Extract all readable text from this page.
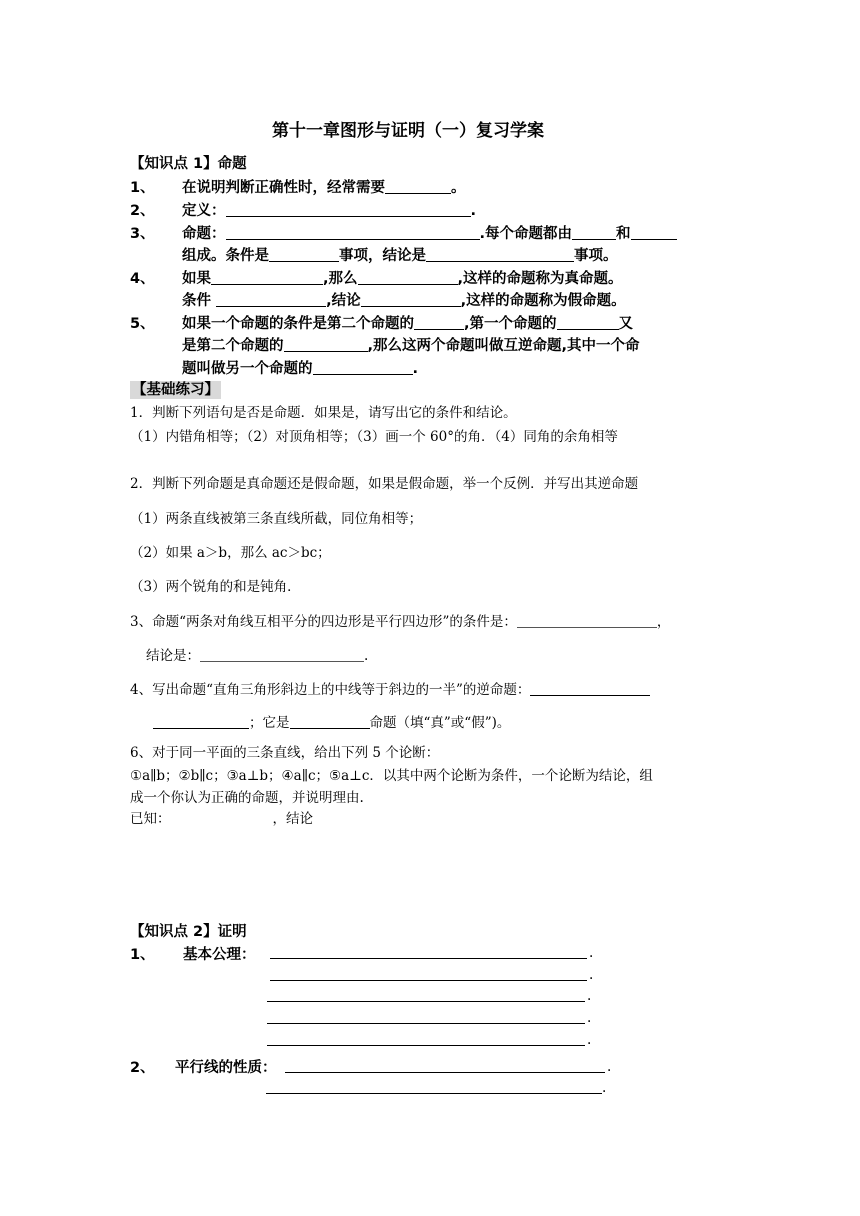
第十一章图形与证明（一）复习学案
【知识点 1】命题
1、 在说明判断正确性时，经常需要	。
2、 定义：	.
3、 命题：	.每个命题都由	和
组成。条件是	事项，结论是	事项。
4、 如果	,那么	,这样的命题称为真命题。
条件	,结论	,这样的命题称为假命题。
5、 如果一个命题的条件是第二个命题的	,第一个命题的	又
是第二个命题的	,那么这两个命题叫做互逆命题,其中一个命
题叫做另一个命题的	.
【基础练习】
1．判断下列语句是否是命题．如果是，请写出它的条件和结论。
（1）内错角相等；（2）对顶角相等；（3）画一个 60°的角．（4）同角的余角相等
2．判断下列命题是真命题还是假命题，如果是假命题，举一个反例．并写出其逆命题
（1）两条直线被第三条直线所截，同位角相等；
（2）如果 a＞b，那么 ac＞bc；
（3）两个锐角的和是钝角．
3、命题“两条对角线互相平分的四边形是平行四边形”的条件是：	，
结论是：	.
4、写出命题“直角三角形斜边上的中线等于斜边的一半”的逆命题：
；它是	命题（填“真”或“假”)。
6、对于同一平面的三条直线，给出下列 5 个论断：
①a∥b；②b∥c；③a⊥b；④a∥c；⑤a⊥c．以其中两个论断为条件，一个论断为结论，组
成一个你认为正确的命题，并说明理由.
已知：	，结论
【知识点 2】证明
1、 基本公理：	.
.
.
.
.
2、 平行线的性质：	.
.
